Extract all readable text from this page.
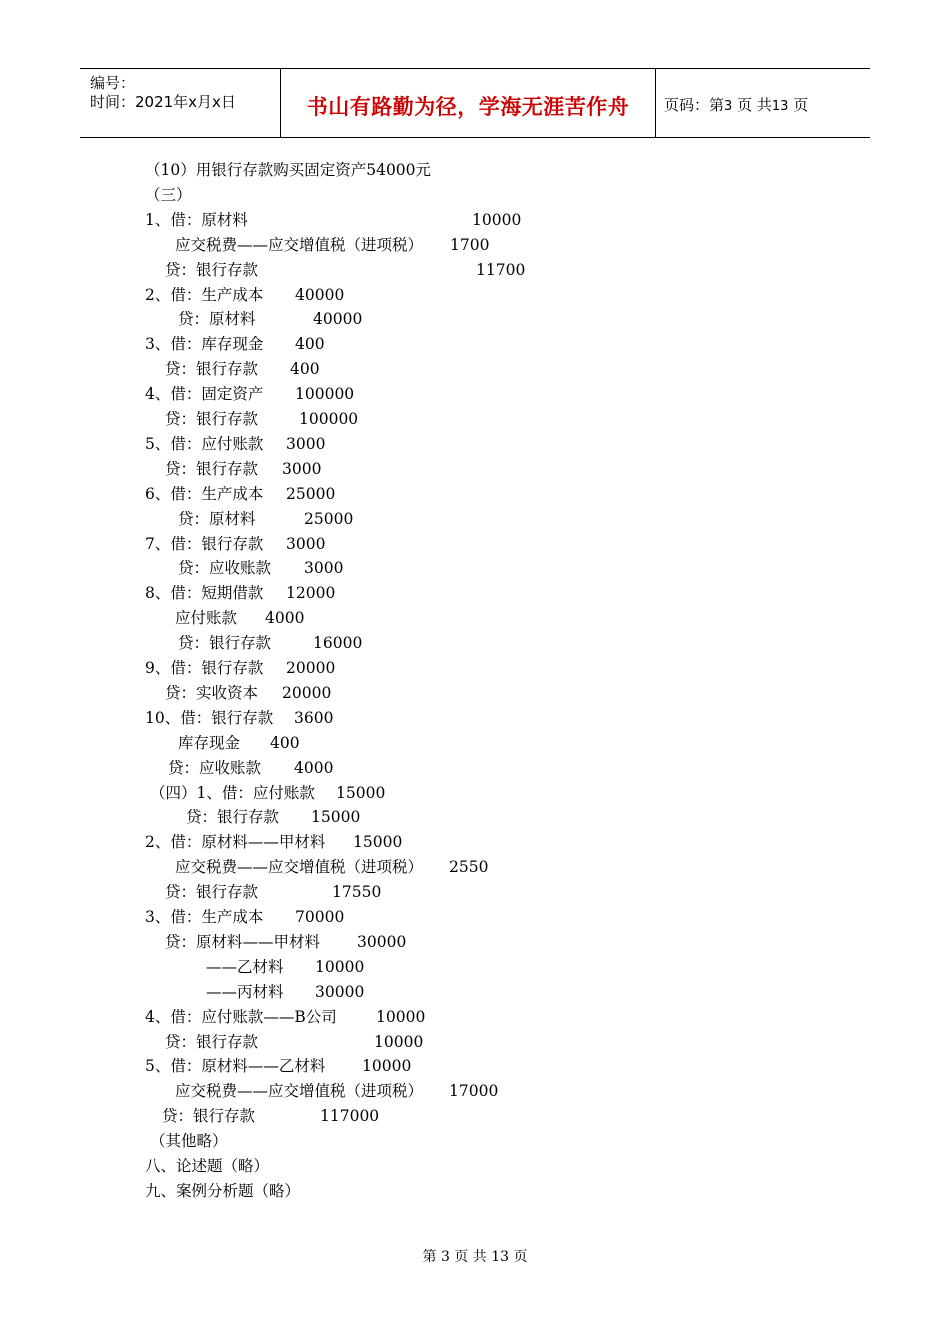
编号：
时间：2021年x月x日	书山有路勤为径，学海无涯苦作舟	页码：第3 页 共13 页
（10）用银行存款购买固定资产54000元
（三）
1、借：原材料	10000
应交税费——应交增值税（进项税） 1700
贷：银行存款	11700
2、借：生产成本 40000
贷：原材料	40000
3、借：库存现金 400
贷：银行存款 400
4、借：固定资产 100000
贷：银行存款	100000
5、借：应付账款 3000
贷：银行存款 3000
6、借：生产成本 25000
贷：原材料	25000
7、借：银行存款 3000
贷：应收账款 3000
8、借：短期借款 12000
应付账款 4000
贷：银行存款	16000
9、借：银行存款 20000
贷：实收资本 20000
10、借：银行存款 3600
库存现金 400
贷：应收账款 4000
（四）1、借：应付账款 15000
贷：银行存款 15000
2、借：原材料——甲材料 15000
应交税费——应交增值税（进项税） 2550
贷：银行存款	17550
3、借：生产成本 70000
贷：原材料——甲材料 30000
——乙材料 10000
——丙材料 30000
4、借：应付账款——B公司	10000
贷：银行存款	10000
5、借：原材料——乙材料 10000
应交税费——应交增值税（进项税） 17000
贷：银行存款	117000
（其他略）
八、论述题（略）
九、案例分析题（略）
第 3 页 共 13 页
